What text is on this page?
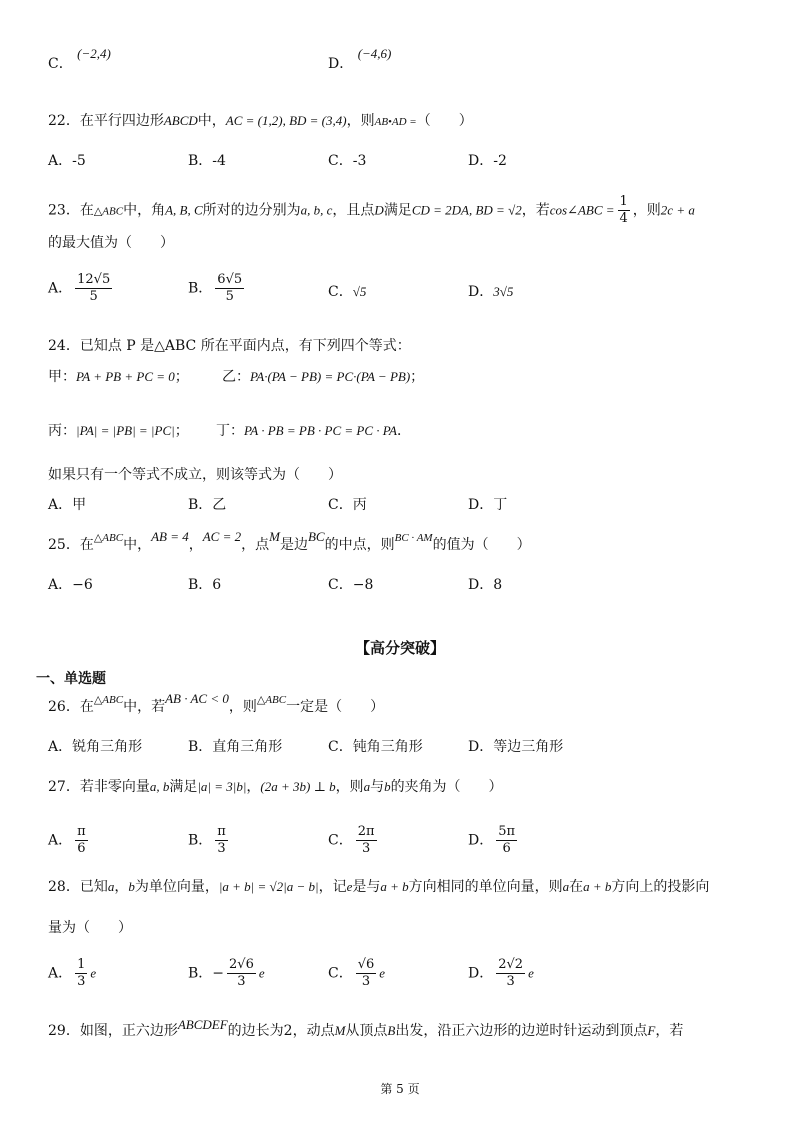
C． (−2,4)
D． (−4,6)
22．在平行四边形ABCD中，AC = (1,2), BD = (3,4)，则AB•AD =（　　）
A．-5	B．-4	C．-3	D．-2
23．在△ABC中，角A, B, C所对的边分别为a, b, c，且点D满足CD = 2DA, BD = √2，若cos∠ABC = $\frac{1}{4}$ ，则2c + a
的最大值为（　　）
A． $\frac{12√5}{5}$	B． $\frac{6√5}{5}$	C．√5	D．3√5
24．已知点 P 是△ABC 所在平面内点，有下列四个等式：
甲：PA + PB + PC = 0； 乙：PA·(PA − PB) = PC·(PA − PB)；
丙：|PA| = |PB| = |PC|； 丁：PA · PB = PB · PC = PC · PA．
如果只有一个等式不成立，则该等式为（　　）
A．甲	B．乙	C．丙	D．丁
25．在$^{\triangle ABC}$中，AB = 4，AC = 2，点M是边BC的中点，则$^{BC \cdot AM}$的值为（　　）
A．−6	B．6	C．−8	D．8
【高分突破】
一、单选题
26．在$^{\triangle ABC}$中，若AB · AC < 0，则$^{\triangle ABC}$一定是（　　）
A．锐角三角形	B．直角三角形	C．钝角三角形	D．等边三角形
27．若非零向量a, b满足|a| = 3|b|，(2a + 3b) ⊥ b，则a与b的夹角为（　　）
A． $\frac{\pi}{6}$	B． $\frac{\pi}{3}$	C． $\frac{2\pi}{3}$	D． $\frac{5\pi}{6}$
28．已知a，b为单位向量，|a + b| = √2|a − b|，记e是与a + b方向相同的单位向量，则a在a + b方向上的投影向
量为（　　）
A． $\frac{1}{3}$ e	B．− $\frac{2√6}{3}$ e	C． $\frac{√6}{3}$ e	D． $\frac{2√2}{3}$ e
29．如图，正六边形ABCDEF的边长为2，动点M从顶点B出发，沿正六边形的边逆时针运动到顶点F，若
第 5 页
